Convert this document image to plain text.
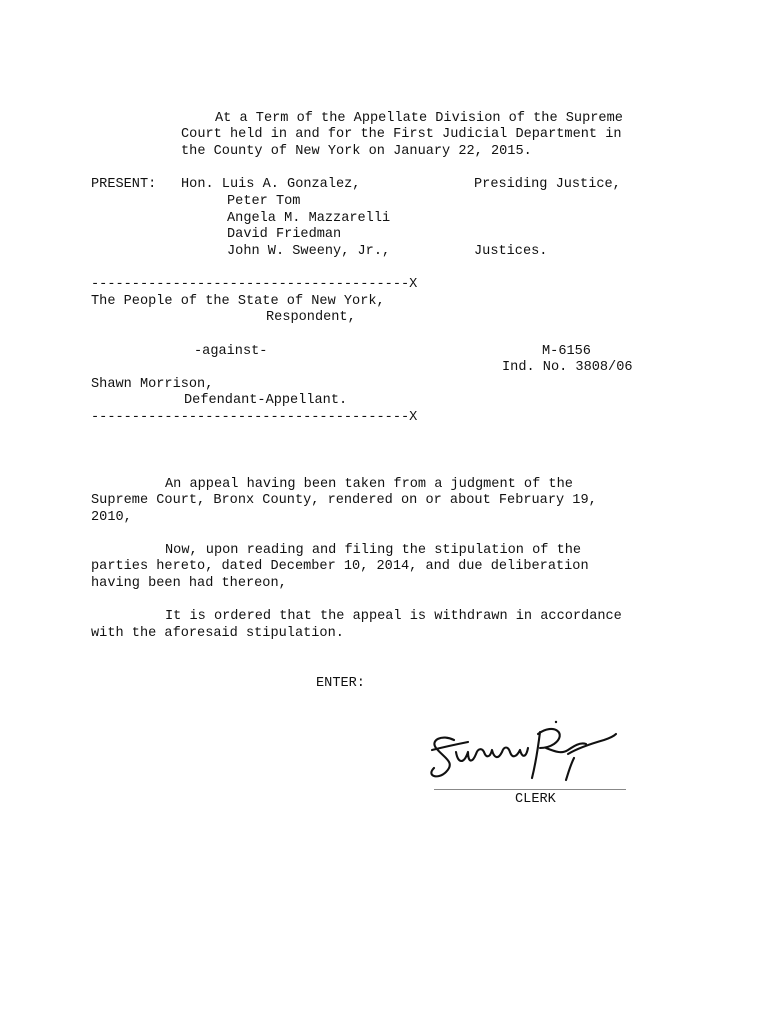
At a Term of the Appellate Division of the Supreme
Court held in and for the First Judicial Department in
the County of New York on January 22, 2015.
PRESENT: Hon. Luis A. Gonzalez,	Presiding Justice,
Peter Tom
Angela M. Mazzarelli
David Friedman
John W. Sweeny, Jr.,	Justices.
---------------------------------------X
The People of the State of New York,
Respondent,
-against-	M-6156
Ind. No. 3808/06
Shawn Morrison,
Defendant-Appellant.
---------------------------------------X
An appeal having been taken from a judgment of the
Supreme Court, Bronx County, rendered on or about February 19,
2010,
Now, upon reading and filing the stipulation of the
parties hereto, dated December 10, 2014, and due deliberation
having been had thereon,
It is ordered that the appeal is withdrawn in accordance
with the aforesaid stipulation.
ENTER:
CLERK
